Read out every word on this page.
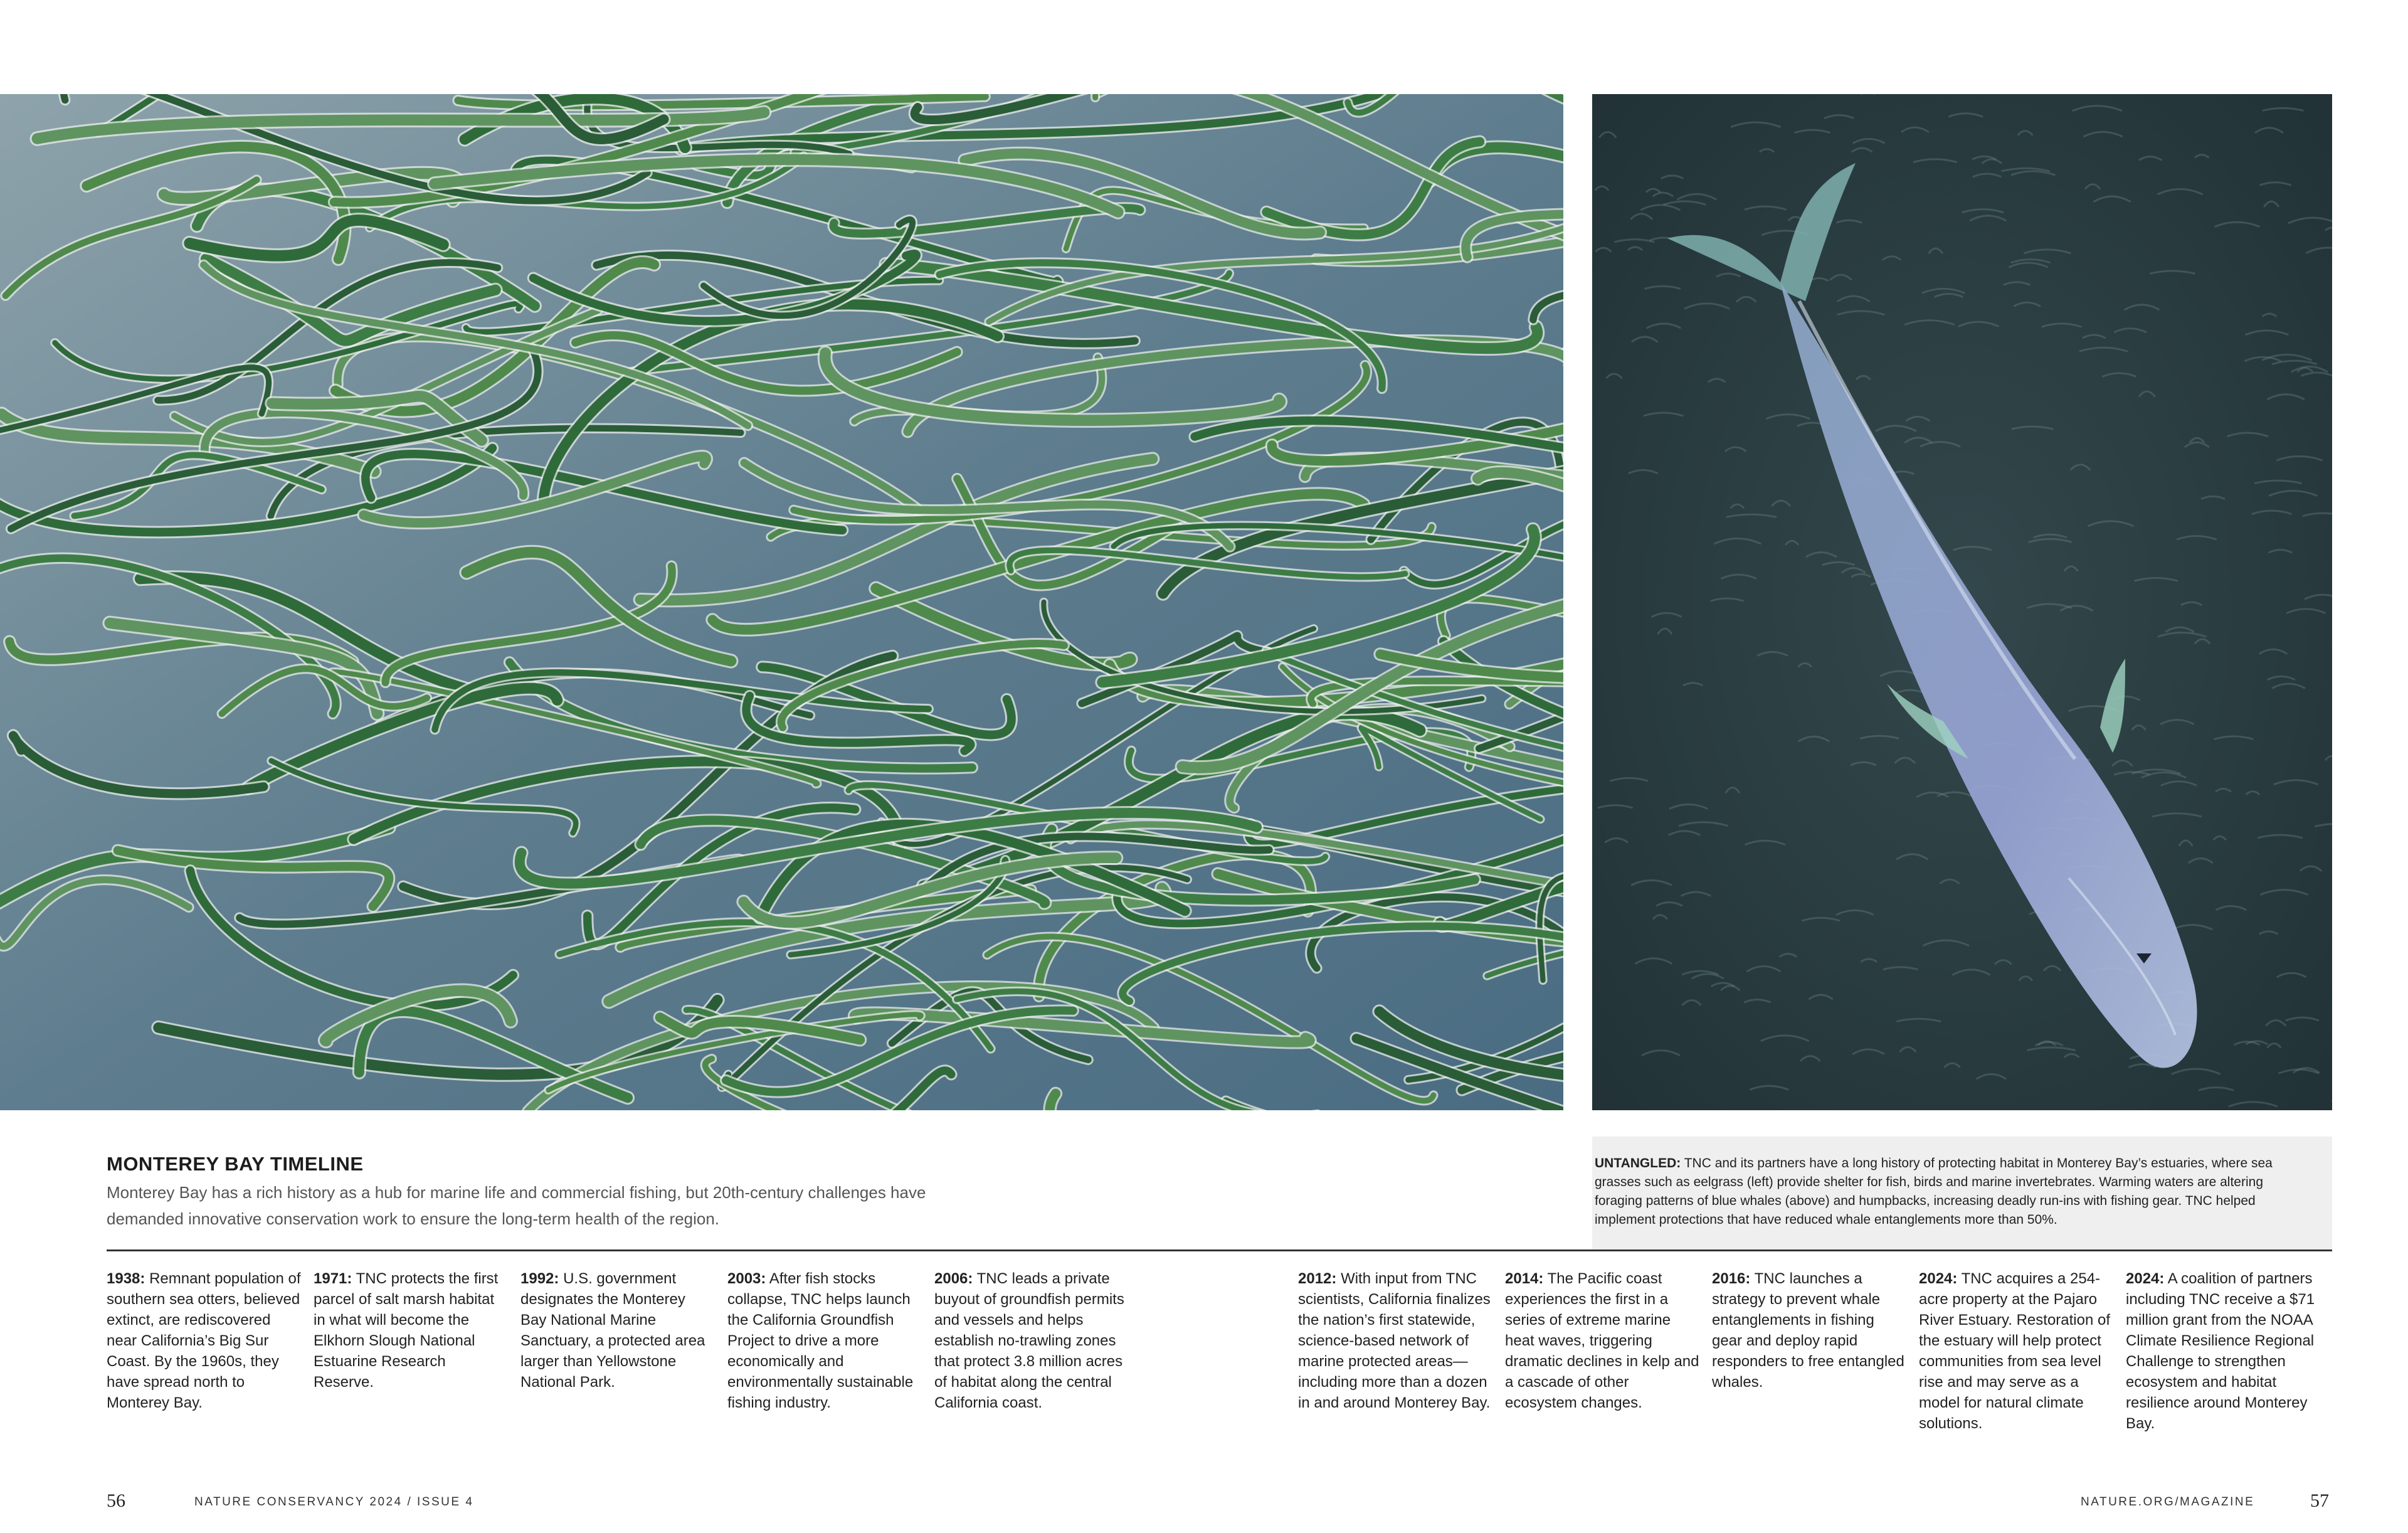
MONTEREY BAY TIMELINE
Monterey Bay has a rich history as a hub for marine life and commercial fishing, but 20th-century challenges have demanded innovative conservation work to ensure the long-term health of the region.
UNTANGLED: TNC and its partners have a long history of protecting habitat in Monterey Bay’s estuaries, where sea grasses such as eelgrass (left) provide shelter for fish, birds and marine invertebrates. Warming waters are altering foraging patterns of blue whales (above) and humpbacks, increasing deadly run-ins with fishing gear. TNC helped implement protections that have reduced whale entanglements more than 50%.
1938: Remnant population of southern sea otters, believed extinct, are rediscovered near California’s Big Sur Coast. By the 1960s, they have spread north to Monterey Bay.
1971: TNC protects the first parcel of salt marsh habitat in what will become the Elkhorn Slough National Estuarine Research Reserve.
1992: U.S. government designates the Monterey Bay National Marine Sanctuary, a protected area larger than Yellowstone National Park.
2003: After fish stocks collapse, TNC helps launch the California Groundfish Project to drive a more economically and environmentally sustainable fishing industry.
2006: TNC leads a private buyout of groundfish permits and vessels and helps establish no-trawling zones that protect 3.8 million acres of habitat along the central California coast.
2012: With input from TNC scientists, California finalizes the nation’s first statewide, science-based network of marine protected areas—including more than a dozen in and around Monterey Bay.
2014: The Pacific coast experiences the first in a series of extreme marine heat waves, triggering dramatic declines in kelp and a cascade of other ecosystem changes.
2016: TNC launches a strategy to prevent whale entanglements in fishing gear and deploy rapid responders to free entangled whales.
2024: TNC acquires a 254-acre property at the Pajaro River Estuary. Restoration of the estuary will help protect communities from sea level rise and may serve as a model for natural climate solutions.
2024: A coalition of partners including TNC receive a $71 million grant from the NOAA Climate Resilience Regional Challenge to strengthen ecosystem and habitat resilience around Monterey Bay.
56	NATURE CONSERVANCY 2024 / ISSUE 4	NATURE.ORG/MAGAZINE	57
